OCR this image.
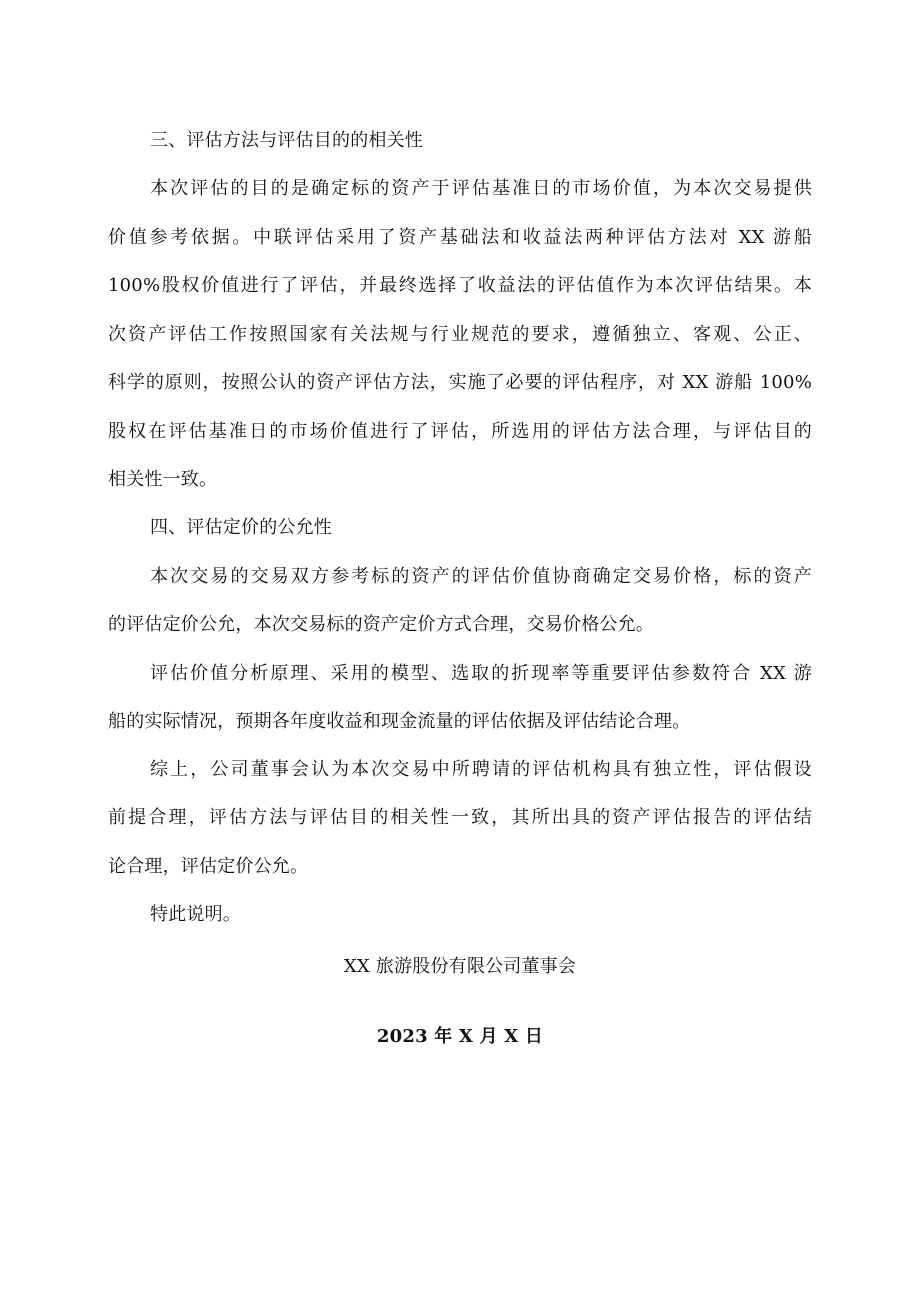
三、评估方法与评估目的的相关性
本次评估的目的是确定标的资产于评估基准日的市场价值，为本次交易提供
价值参考依据。中联评估采用了资产基础法和收益法两种评估方法对 XX 游船
100%股权价值进行了评估，并最终选择了收益法的评估值作为本次评估结果。本
次资产评估工作按照国家有关法规与行业规范的要求，遵循独立、客观、公正、
科学的原则，按照公认的资产评估方法，实施了必要的评估程序，对 XX 游船 100%
股权在评估基准日的市场价值进行了评估，所选用的评估方法合理，与评估目的
相关性一致。
四、评估定价的公允性
本次交易的交易双方参考标的资产的评估价值协商确定交易价格，标的资产
的评估定价公允，本次交易标的资产定价方式合理，交易价格公允。
评估价值分析原理、采用的模型、选取的折现率等重要评估参数符合 XX 游
船的实际情况，预期各年度收益和现金流量的评估依据及评估结论合理。
综上，公司董事会认为本次交易中所聘请的评估机构具有独立性，评估假设
前提合理，评估方法与评估目的相关性一致，其所出具的资产评估报告的评估结
论合理，评估定价公允。
特此说明。
XX 旅游股份有限公司董事会
2023 年 X 月 X 日
